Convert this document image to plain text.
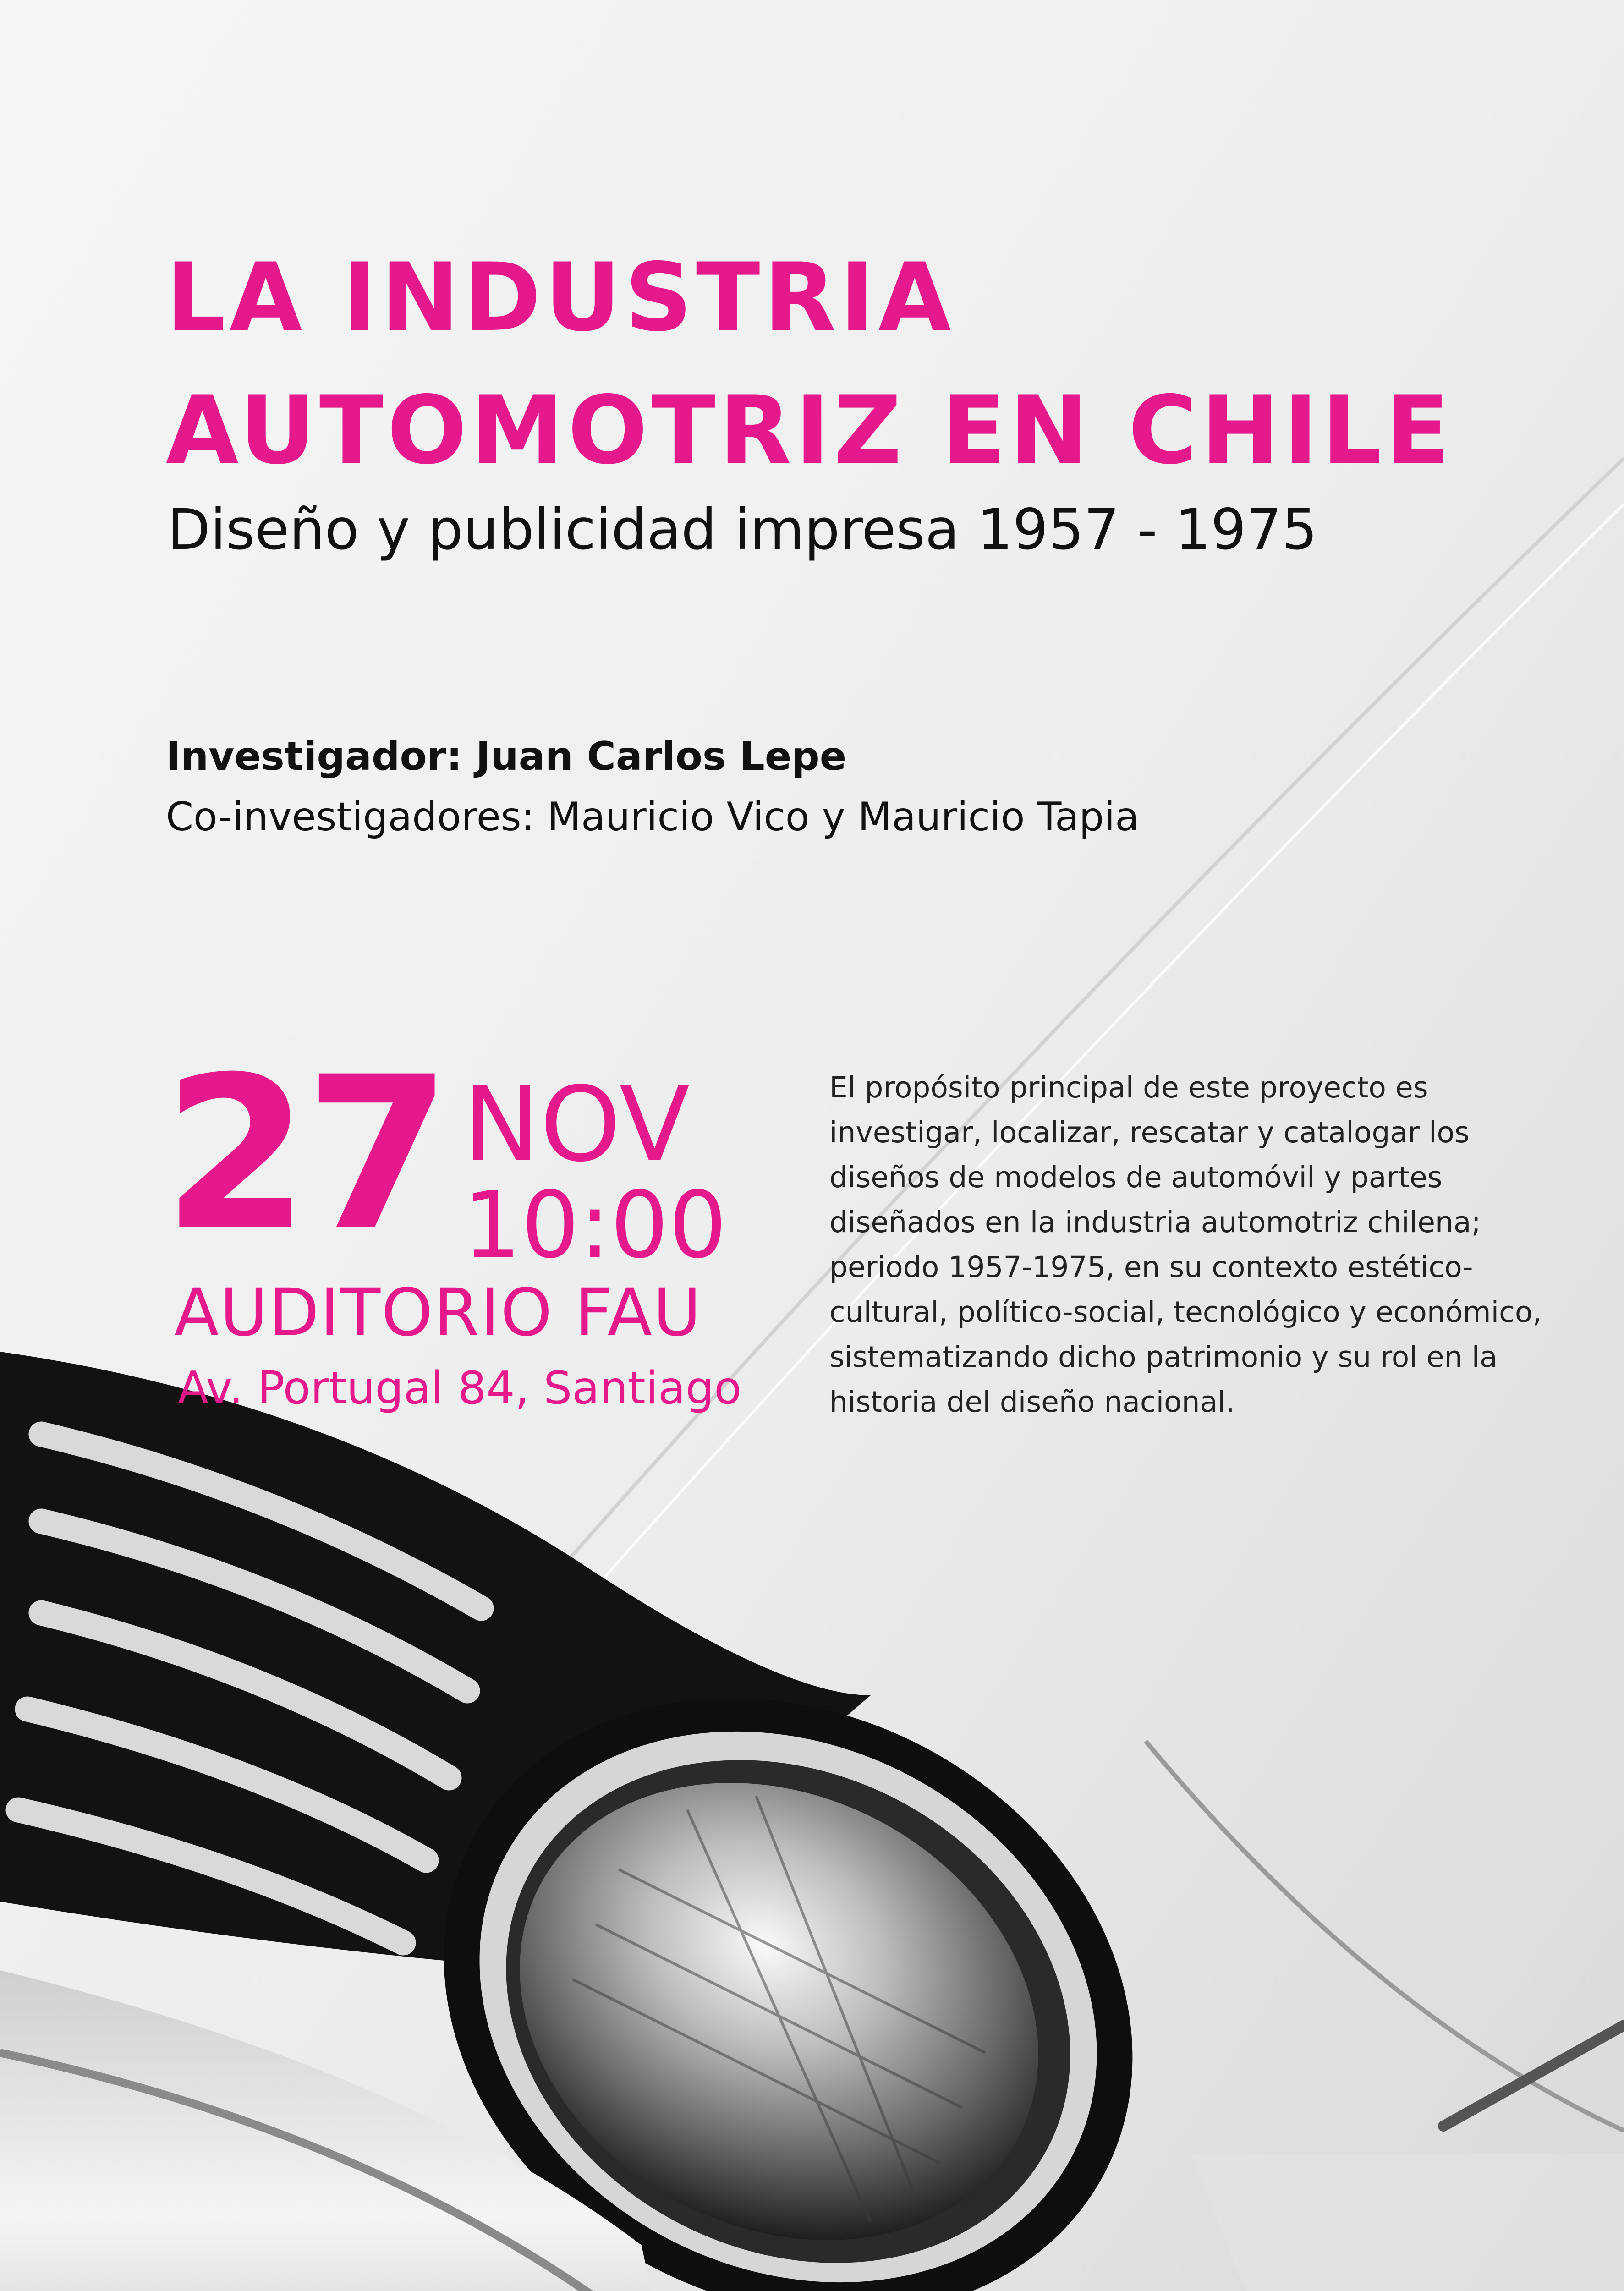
LA INDUSTRIA
AUTOMOTRIZ EN CHILE
Diseño y publicidad impresa 1957 - 1975
Investigador: Juan Carlos Lepe
Co-investigadores: Mauricio Vico y Mauricio Tapia
27 NOV
10:00
AUDITORIO FAU
Av. Portugal 84, Santiago

El propósito principal de este proyecto es investigar, localizar, rescatar y catalogar los diseños de modelos de automóvil y partes diseñados en la industria automotriz chilena; periodo 1957-1975, en su contexto estético-cultural, político-social, tecnológico y económico, sistematizando dicho patrimonio y su rol en la historia del diseño nacional.
